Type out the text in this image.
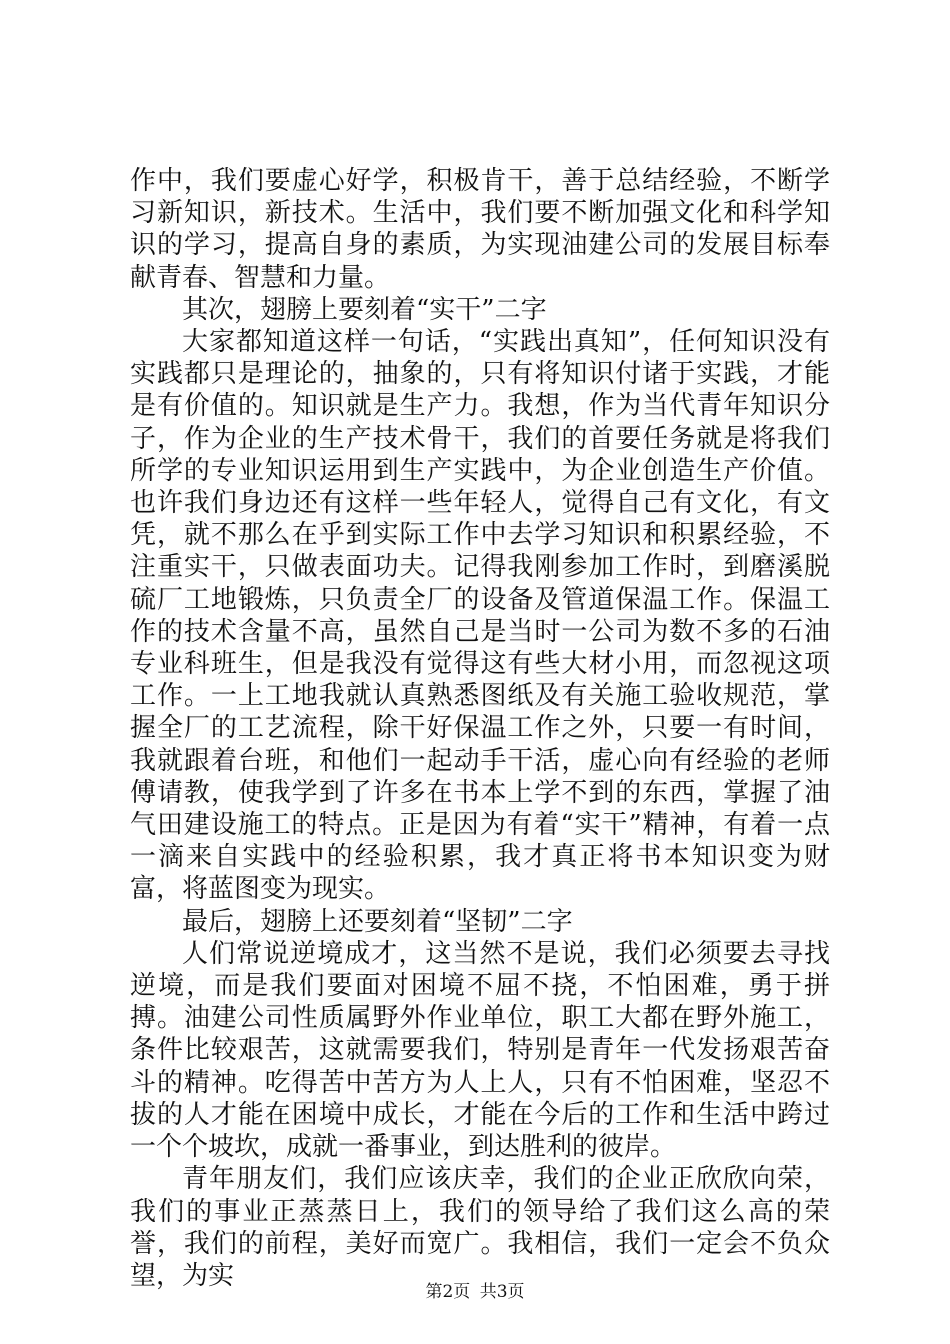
作中，我们要虚心好学，积极肯干，善于总结经验，不断学习新知识，新技术。生活中，我们要不断加强文化和科学知识的学习，提高自身的素质，为实现油建公司的发展目标奉献青春、智慧和力量。

其次，翅膀上要刻着“实干”二字

大家都知道这样一句话，“实践出真知”，任何知识没有实践都只是理论的，抽象的，只有将知识付诸于实践，才能是有价值的。知识就是生产力。我想，作为当代青年知识分子，作为企业的生产技术骨干，我们的首要任务就是将我们所学的专业知识运用到生产实践中，为企业创造生产价值。也许我们身边还有这样一些年轻人，觉得自己有文化，有文凭，就不那么在乎到实际工作中去学习知识和积累经验，不注重实干，只做表面功夫。记得我刚参加工作时，到磨溪脱硫厂工地锻炼，只负责全厂的设备及管道保温工作。保温工作的技术含量不高，虽然自己是当时一公司为数不多的石油专业科班生，但是我没有觉得这有些大材小用，而忽视这项工作。一上工地我就认真熟悉图纸及有关施工验收规范，掌握全厂的工艺流程，除干好保温工作之外，只要一有时间，我就跟着台班，和他们一起动手干活，虚心向有经验的老师傅请教，使我学到了许多在书本上学不到的东西，掌握了油气田建设施工的特点。正是因为有着“实干”精神，有着一点一滴来自实践中的经验积累，我才真正将书本知识变为财富，将蓝图变为现实。

最后，翅膀上还要刻着“坚韧”二字

人们常说逆境成才，这当然不是说，我们必须要去寻找逆境，而是我们要面对困境不屈不挠，不怕困难，勇于拼搏。油建公司性质属野外作业单位，职工大都在野外施工，条件比较艰苦，这就需要我们，特别是青年一代发扬艰苦奋斗的精神。吃得苦中苦方为人上人，只有不怕困难，坚忍不拔的人才能在困境中成长，才能在今后的工作和生活中跨过一个个坡坎，成就一番事业，到达胜利的彼岸。

青年朋友们，我们应该庆幸，我们的企业正欣欣向荣，我们的事业正蒸蒸日上，我们的领导给了我们这么高的荣誉，我们的前程，美好而宽广。我相信，我们一定会不负众望，为实

第2页 共3页
